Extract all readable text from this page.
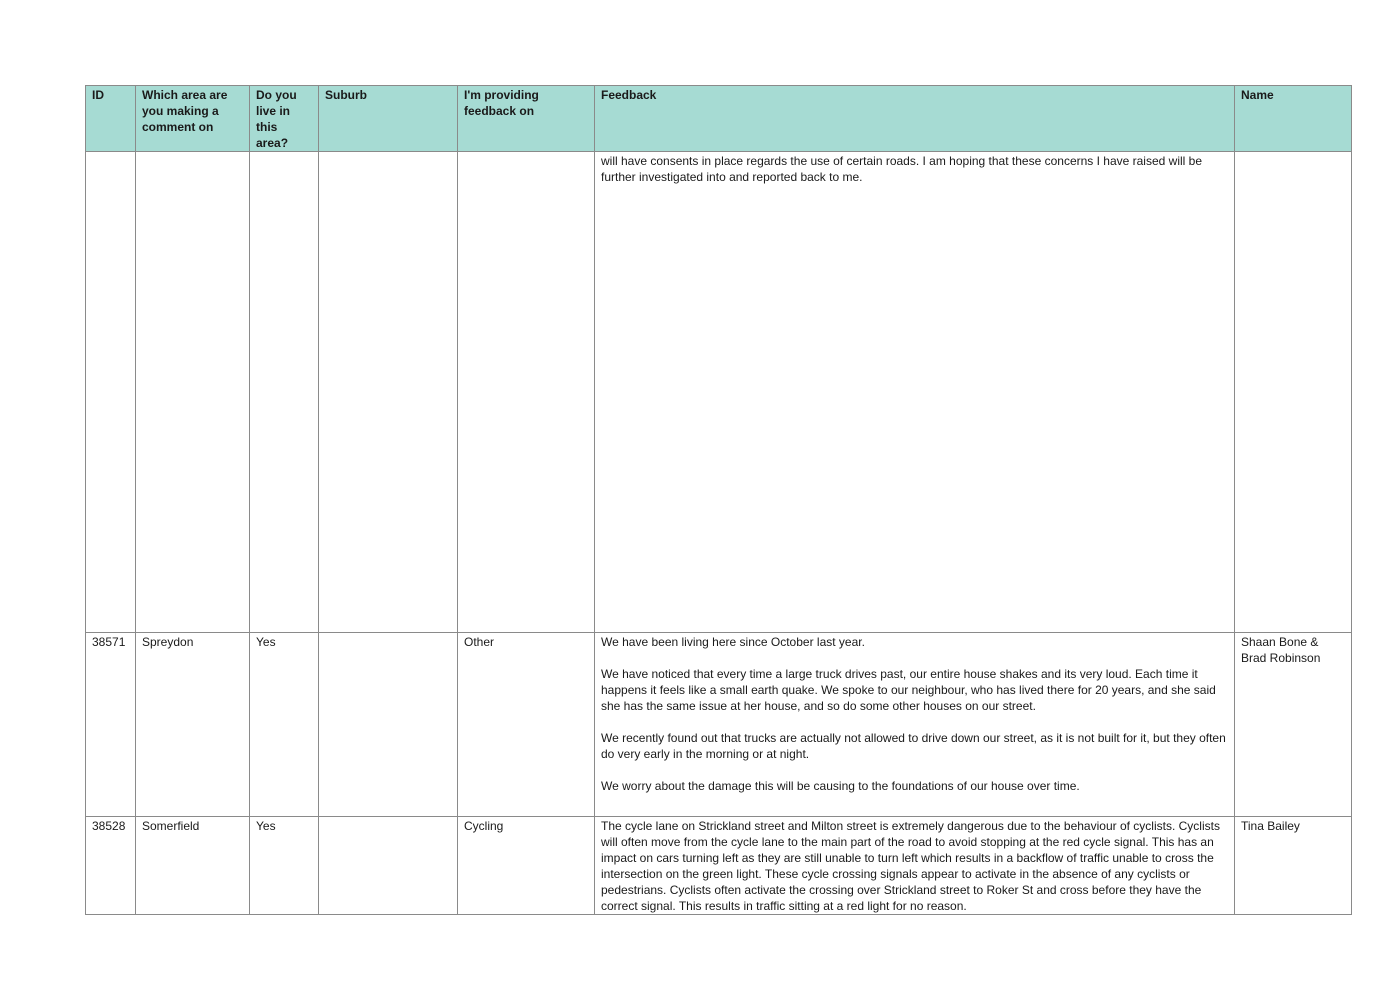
ID	Which area are you making a comment on	Do you live in this area?	Suburb	I'm providing feedback on	Feedback	Name

					will have consents in place regards the use of certain roads. I am hoping that these concerns I have raised will be further investigated into and reported back to me.	

38571	Spreydon	Yes		Other	We have been living here since October last year.

We have noticed that every time a large truck drives past, our entire house shakes and its very loud. Each time it happens it feels like a small earth quake. We spoke to our neighbour, who has lived there for 20 years, and she said she has the same issue at her house, and so do some other houses on our street.

We recently found out that trucks are actually not allowed to drive down our street, as it is not built for it, but they often do very early in the morning or at night.

We worry about the damage this will be causing to the foundations of our house over time.	Shaan Bone & Brad Robinson
38528	Somerfield	Yes		Cycling	The cycle lane on Strickland street and Milton street is extremely dangerous due to the behaviour of cyclists. Cyclists will often move from the cycle lane to the main part of the road to avoid stopping at the red cycle signal. This has an impact on cars turning left as they are still unable to turn left which results in a backflow of traffic unable to cross the intersection on the green light. These cycle crossing signals appear to activate in the absence of any cyclists or pedestrians. Cyclists often activate the crossing over Strickland street to Roker St and cross before they have the correct signal. This results in traffic sitting at a red light for no reason.	Tina Bailey
